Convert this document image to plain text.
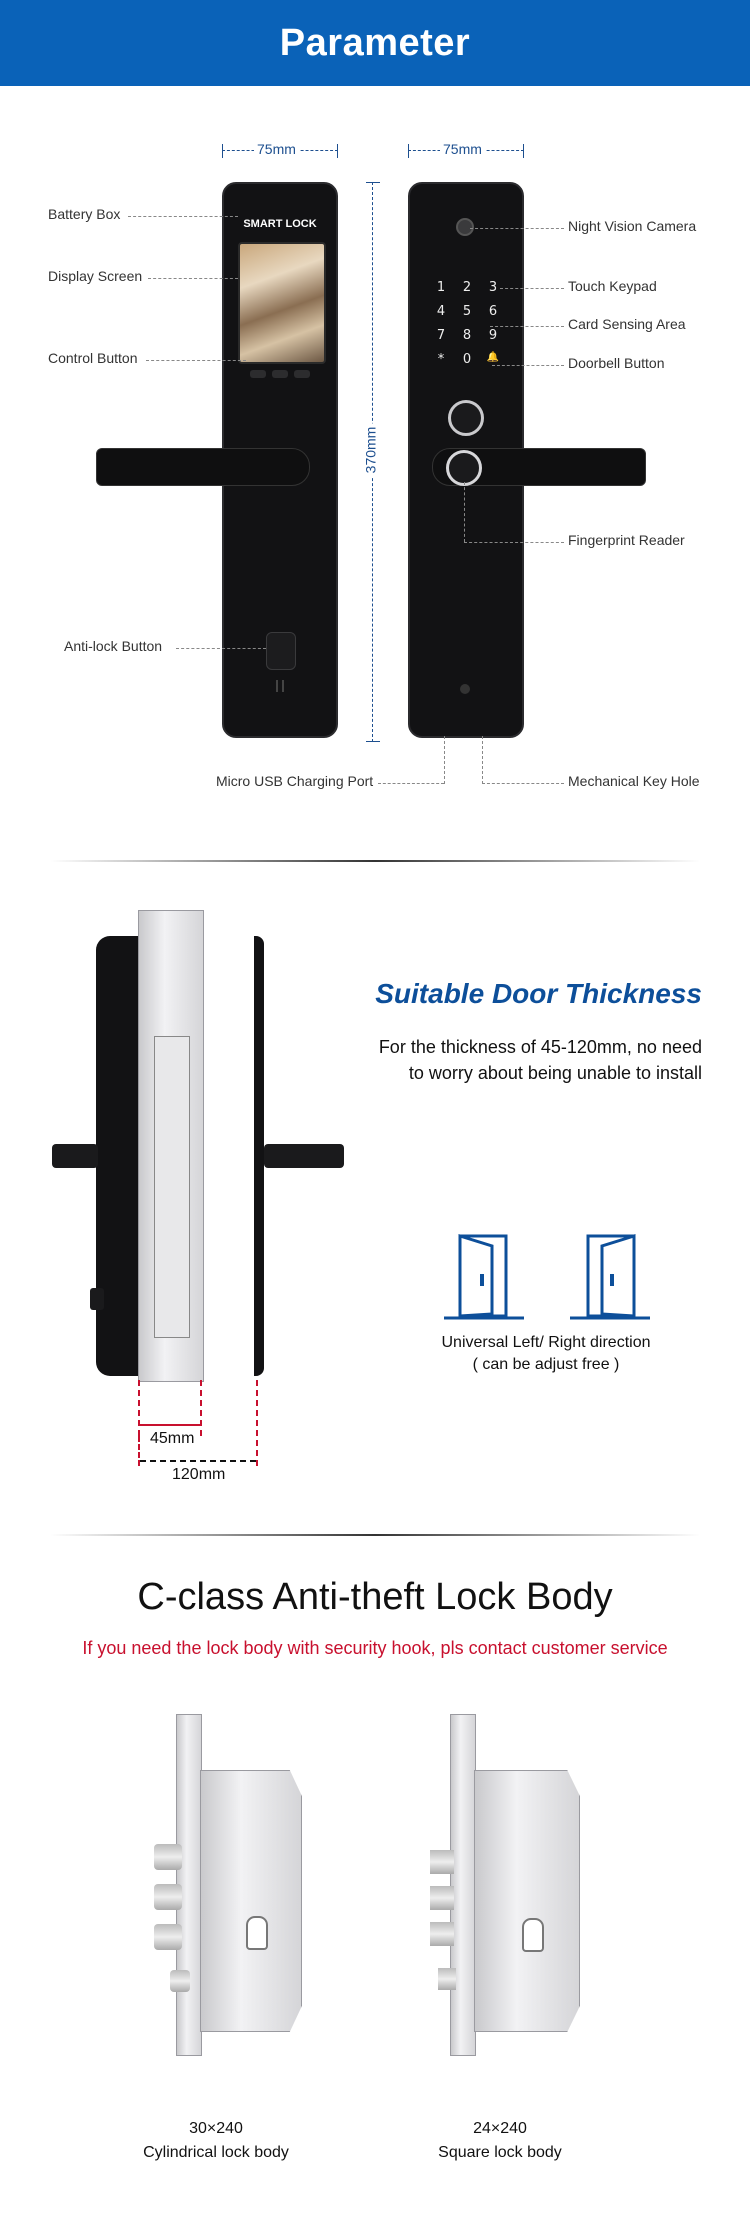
Parameter
75mm	75mm
370mm
SMART LOCK
1	2	3
4	5	6
7	8	9
*	0	🔔
Battery Box
Display Screen
Control Button
Anti-lock Button
Micro USB Charging Port
Night Vision Camera
Touch Keypad
Card Sensing Area
Doorbell Button
Fingerprint Reader
Mechanical Key Hole
45mm
120mm
Suitable Door Thickness
For the thickness of 45-120mm, no need
to worry about being unable to install
Universal Left/ Right direction
( can be adjust free )
C-class Anti-theft Lock Body
If you need the lock body with security hook, pls contact customer service
30×240
Cylindrical lock body
24×240
Square lock body
